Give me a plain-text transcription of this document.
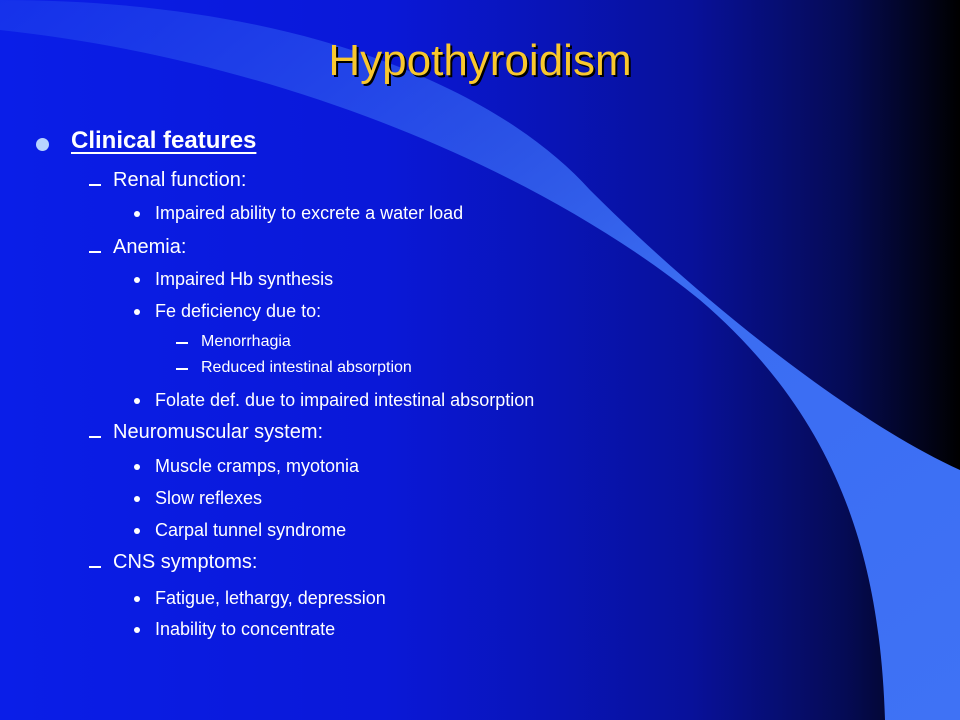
Hypothyroidism
Clinical features
Renal function:
Impaired ability to excrete a water load
Anemia:
Impaired Hb synthesis
Fe deficiency due to:
Menorrhagia
Reduced intestinal absorption
Folate def. due to impaired intestinal absorption
Neuromuscular system:
Muscle cramps, myotonia
Slow reflexes
Carpal tunnel syndrome
CNS symptoms:
Fatigue, lethargy, depression
Inability to concentrate
